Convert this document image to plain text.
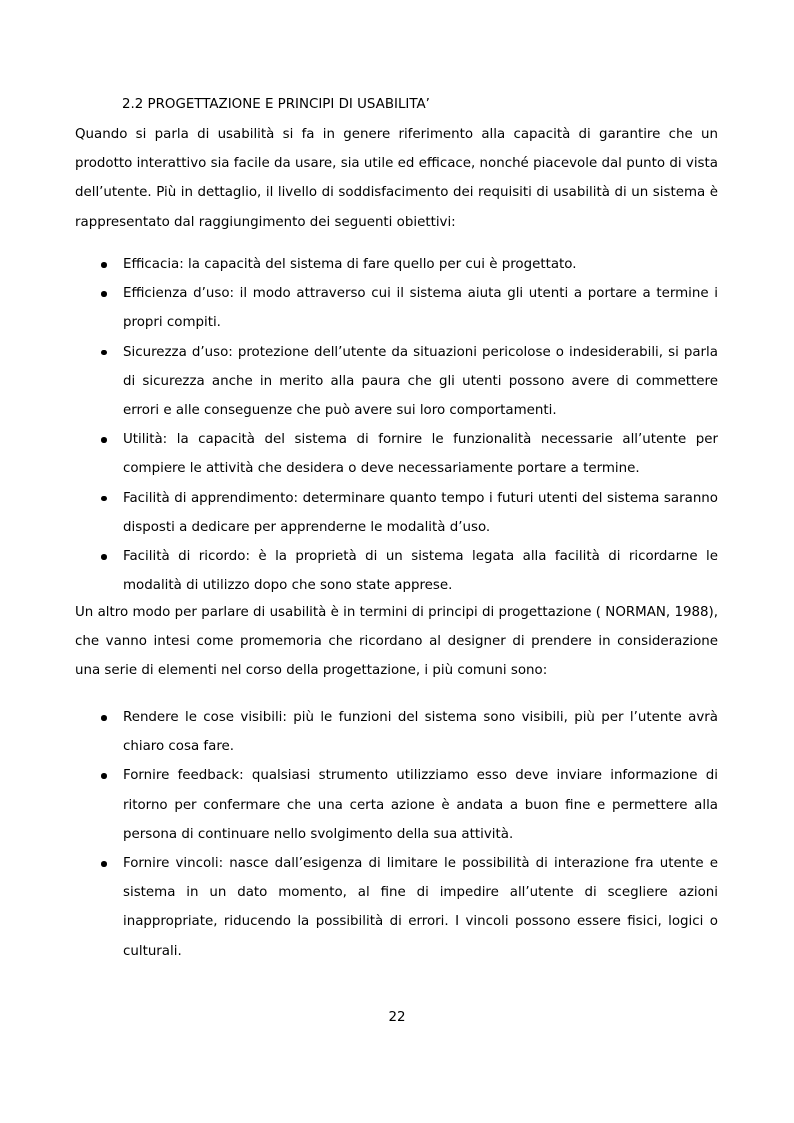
2.2 PROGETTAZIONE E PRINCIPI DI USABILITA’

Quando si parla di usabilità si fa in genere riferimento alla capacità di garantire che un prodotto interattivo sia facile da usare, sia utile ed efficace, nonché piacevole dal punto di vista dell’utente. Più in dettaglio, il livello di soddisfacimento dei requisiti di usabilità di un sistema è rappresentato dal raggiungimento dei seguenti obiettivi:

Efficacia: la capacità del sistema di fare quello per cui è progettato.
Efficienza d’uso: il modo attraverso cui il sistema aiuta gli utenti a portare a termine i propri compiti.
Sicurezza d’uso: protezione dell’utente da situazioni pericolose o indesiderabili, si parla di sicurezza anche in merito alla paura che gli utenti possono avere di commettere errori e alle conseguenze che può avere sui loro comportamenti.
Utilità: la capacità del sistema di fornire le funzionalità necessarie all’utente per compiere le attività che desidera o deve necessariamente portare a termine.
Facilità di apprendimento: determinare quanto tempo i futuri utenti del sistema saranno disposti a dedicare per apprenderne le modalità d’uso.
Facilità di ricordo: è la proprietà di un sistema legata alla facilità di ricordarne le modalità di utilizzo dopo che sono state apprese.

Un altro modo per parlare di usabilità è in termini di principi di progettazione ( NORMAN, 1988), che vanno intesi come promemoria che ricordano al designer di prendere in considerazione una serie di elementi nel corso della progettazione, i più comuni sono:

Rendere le cose visibili: più le funzioni del sistema sono visibili, più per l’utente avrà chiaro cosa fare.
Fornire feedback: qualsiasi strumento utilizziamo esso deve inviare informazione di ritorno per confermare che una certa azione è andata a buon fine e permettere alla persona di continuare nello svolgimento della sua attività.
Fornire vincoli: nasce dall’esigenza di limitare le possibilità di interazione fra utente e sistema in un dato momento, al fine di impedire all’utente di scegliere azioni inappropriate, riducendo la possibilità di errori. I vincoli possono essere fisici, logici o culturali.
22
